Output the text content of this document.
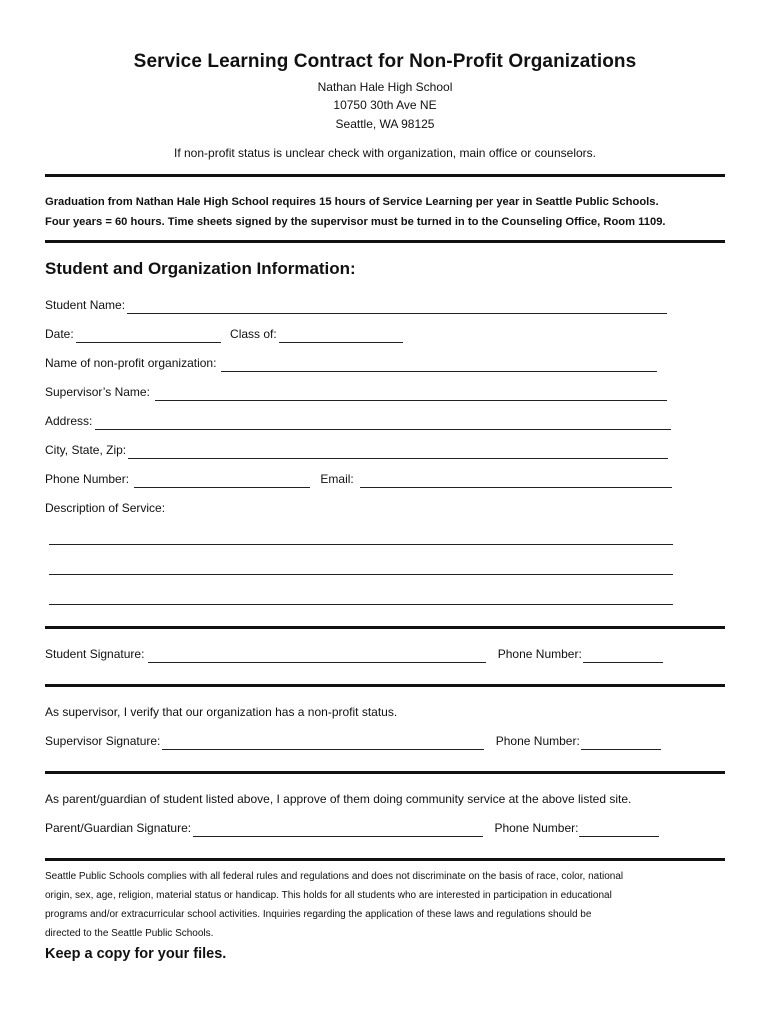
Service Learning Contract for Non-Profit Organizations
Nathan Hale High School
10750 30th Ave NE
Seattle, WA 98125
If non-profit status is unclear check with organization, main office or counselors.
Graduation from Nathan Hale High School requires 15 hours of Service Learning per year in Seattle Public Schools.
Four years = 60 hours. Time sheets signed by the supervisor must be turned in to the Counseling Office, Room 1109.
Student and Organization Information:
Student Name:
Date:	Class of:
Name of non-profit organization:
Supervisor’s Name:
Address:
City, State, Zip:
Phone Number:	Email:
Description of Service:
Student Signature:	Phone Number:
As supervisor, I verify that our organization has a non-profit status.
Supervisor Signature:	Phone Number:
As parent/guardian of student listed above, I approve of them doing community service at the above listed site.
Parent/Guardian Signature:	Phone Number:
Seattle Public Schools complies with all federal rules and regulations and does not discriminate on the basis of race, color, national
origin, sex, age, religion, material status or handicap. This holds for all students who are interested in participation in educational
programs and/or extracurricular school activities. Inquiries regarding the application of these laws and regulations should be
directed to the Seattle Public Schools.
Keep a copy for your files.
